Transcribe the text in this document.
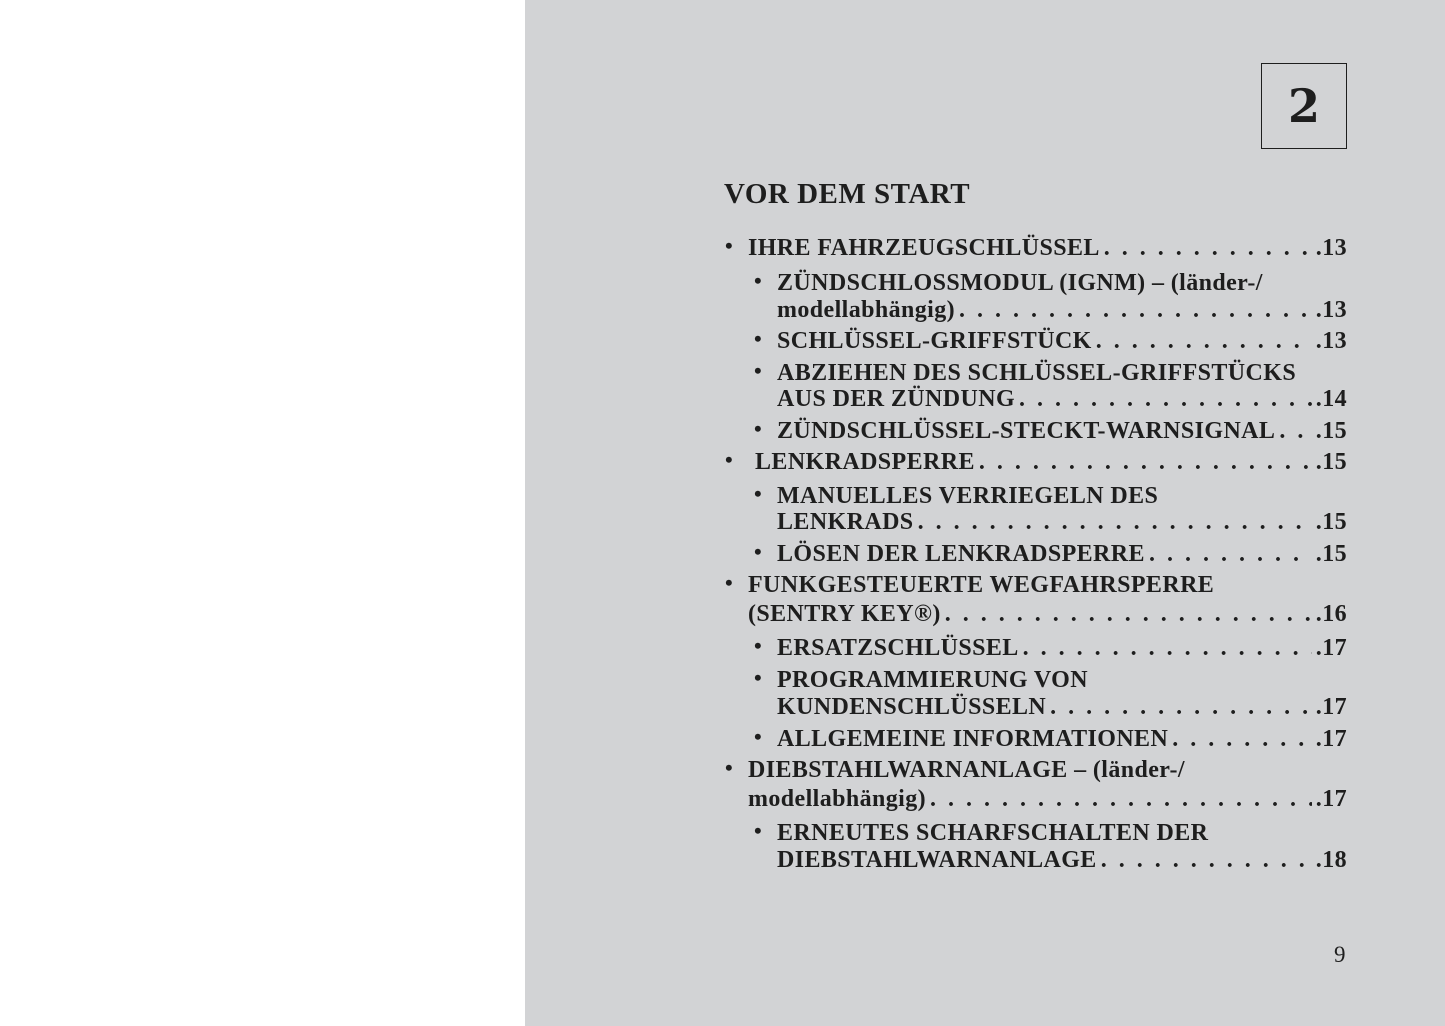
2
VOR DEM START
• IHRE FAHRZEUGSCHLÜSSEL . . .	.13
• ZÜNDSCHLOSSMODUL (IGNM) – (länder-/
modellabhängig) . . .	.13
• SCHLÜSSEL-GRIFFSTÜCK . . .	.13
• ABZIEHEN DES SCHLÜSSEL-GRIFFSTÜCKS
AUS DER ZÜNDUNG . . .	.14
• ZÜNDSCHLÜSSEL-STECKT-WARNSIGNAL . . . .15
• LENKRADSPERRE . . .	.15
• MANUELLES VERRIEGELN DES
LENKRADS . . .	.15
• LÖSEN DER LENKRADSPERRE . . .	.15
• FUNKGESTEUERTE WEGFAHRSPERRE
(SENTRY KEY®) . . .	.16
• ERSATZSCHLÜSSEL . . .	.17
• PROGRAMMIERUNG VON
KUNDENSCHLÜSSELN . . .	.17
• ALLGEMEINE INFORMATIONEN . . .	.17
• DIEBSTAHLWARNANLAGE – (länder-/
modellabhängig) . . .	.17
• ERNEUTES SCHARFSCHALTEN DER
DIEBSTAHLWARNANLAGE . . .	.18
9
